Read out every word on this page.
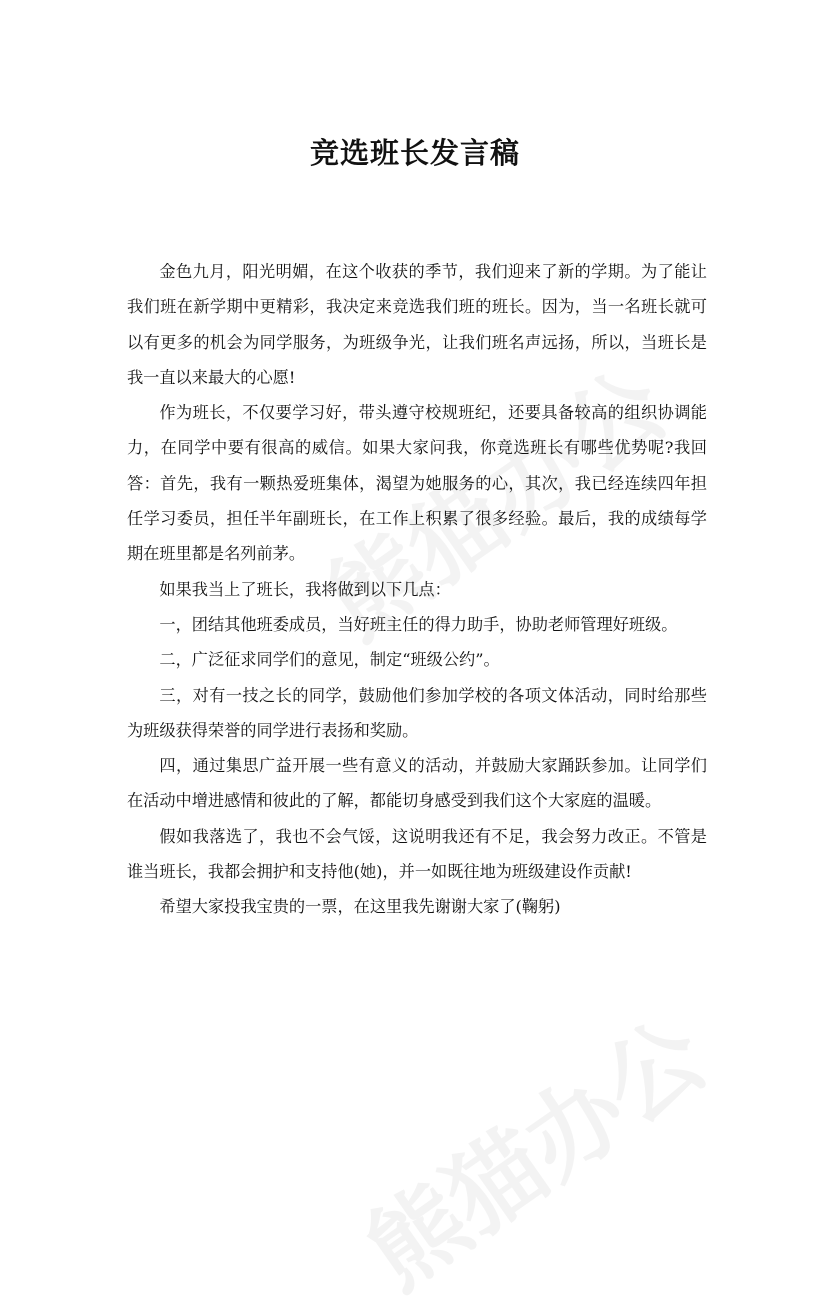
竞选班长发言稿

金色九月，阳光明媚，在这个收获的季节，我们迎来了新的学期。为了能让我们班在新学期中更精彩，我决定来竞选我们班的班长。因为，当一名班长就可以有更多的机会为同学服务，为班级争光，让我们班名声远扬，所以，当班长是我一直以来最大的心愿!

作为班长，不仅要学习好，带头遵守校规班纪，还要具备较高的组织协调能力，在同学中要有很高的威信。如果大家问我，你竞选班长有哪些优势呢?我回答：首先，我有一颗热爱班集体，渴望为她服务的心，其次，我已经连续四年担任学习委员，担任半年副班长，在工作上积累了很多经验。最后，我的成绩每学期在班里都是名列前茅。

如果我当上了班长，我将做到以下几点：

一，团结其他班委成员，当好班主任的得力助手，协助老师管理好班级。

二，广泛征求同学们的意见，制定“班级公约”。

三，对有一技之长的同学，鼓励他们参加学校的各项文体活动，同时给那些为班级获得荣誉的同学进行表扬和奖励。

四，通过集思广益开展一些有意义的活动，并鼓励大家踊跃参加。让同学们在活动中增进感情和彼此的了解，都能切身感受到我们这个大家庭的温暖。

假如我落选了，我也不会气馁，这说明我还有不足，我会努力改正。不管是谁当班长，我都会拥护和支持他(她)，并一如既往地为班级建设作贡献!

希望大家投我宝贵的一票，在这里我先谢谢大家了(鞠躬)
